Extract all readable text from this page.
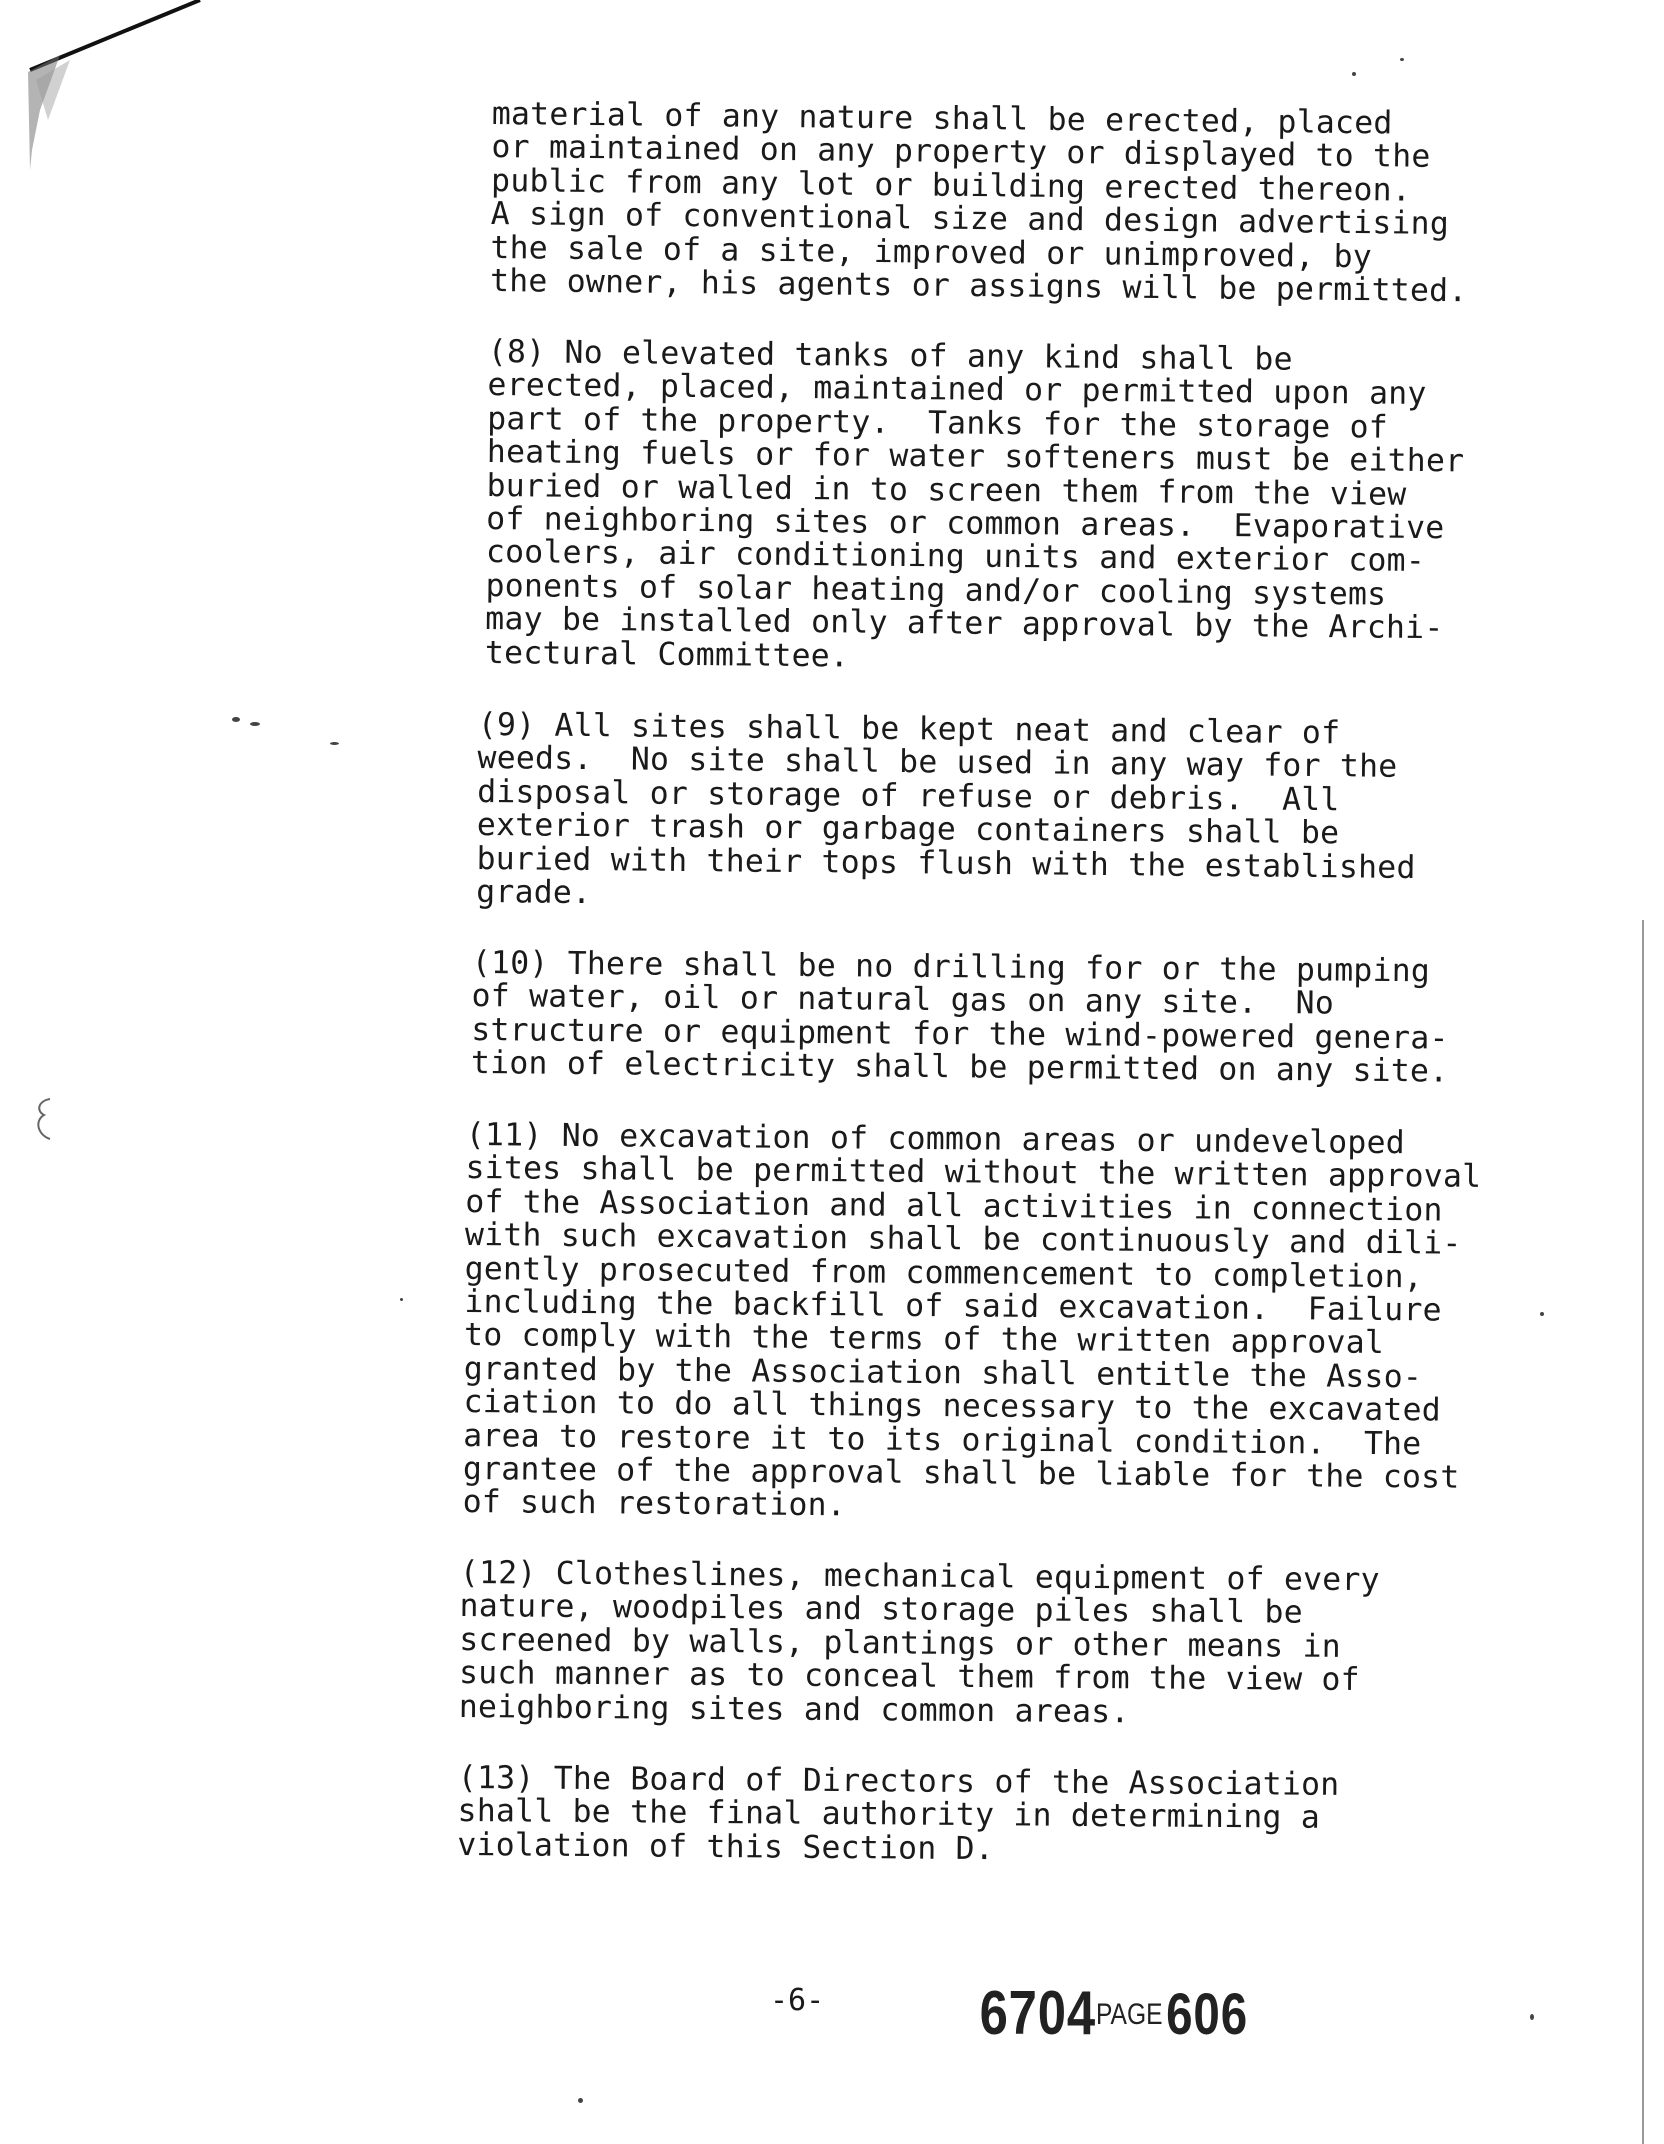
material of any nature shall be erected, placed
or maintained on any property or displayed to the
public from any lot or building erected thereon.
A sign of conventional size and design advertising
the sale of a site, improved or unimproved, by
the owner, his agents or assigns will be permitted.
(8) No elevated tanks of any kind shall be
erected, placed, maintained or permitted upon any
part of the property.  Tanks for the storage of
heating fuels or for water softeners must be either
buried or walled in to screen them from the view
of neighboring sites or common areas.  Evaporative
coolers, air conditioning units and exterior com-
ponents of solar heating and/or cooling systems
may be installed only after approval by the Archi-
tectural Committee.
(9) All sites shall be kept neat and clear of
weeds.  No site shall be used in any way for the
disposal or storage of refuse or debris.  All
exterior trash or garbage containers shall be
buried with their tops flush with the established
grade.
(10) There shall be no drilling for or the pumping
of water, oil or natural gas on any site.  No
structure or equipment for the wind-powered genera-
tion of electricity shall be permitted on any site.
(11) No excavation of common areas or undeveloped
sites shall be permitted without the written approval
of the Association and all activities in connection
with such excavation shall be continuously and dili-
gently prosecuted from commencement to completion,
including the backfill of said excavation.  Failure
to comply with the terms of the written approval
granted by the Association shall entitle the Asso-
ciation to do all things necessary to the excavated
area to restore it to its original condition.  The
grantee of the approval shall be liable for the cost
of such restoration.
(12) Clotheslines, mechanical equipment of every
nature, woodpiles and storage piles shall be
screened by walls, plantings or other means in
such manner as to conceal them from the view of
neighboring sites and common areas.
(13) The Board of Directors of the Association
shall be the final authority in determining a
violation of this Section D.
-6-	6704PAGE 606
